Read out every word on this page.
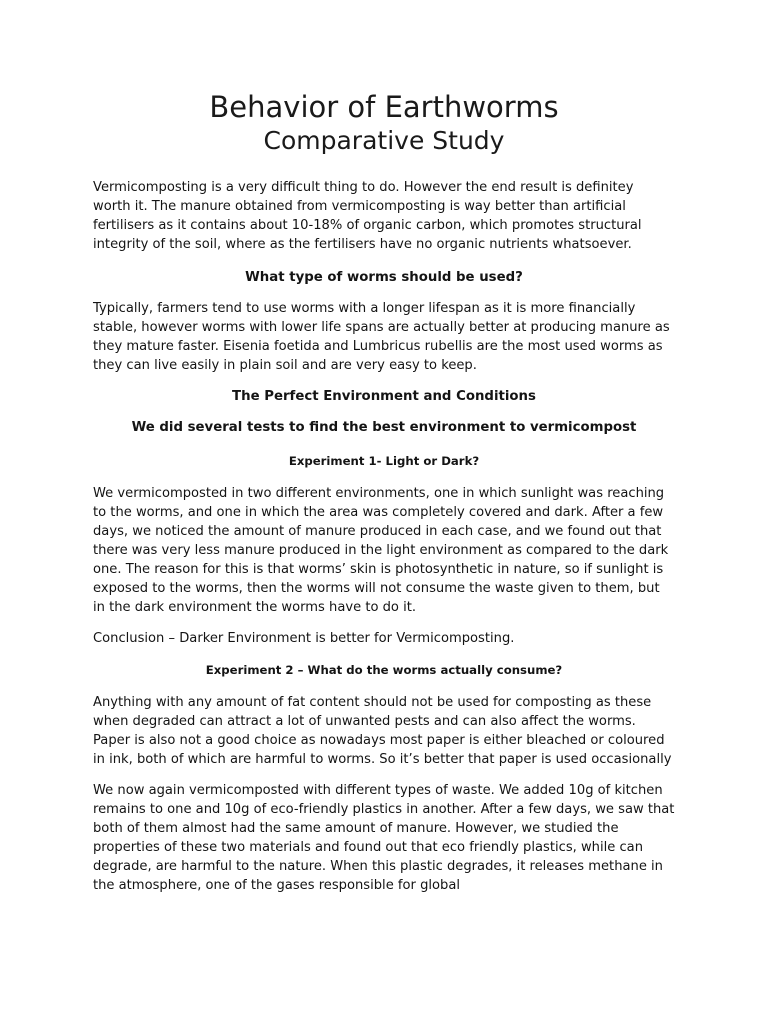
Behavior of Earthworms
Comparative Study

Vermicomposting is a very difficult thing to do. However the end result is definitey worth it. The manure obtained from vermicomposting is way better than artificial fertilisers as it contains about 10-18% of organic carbon, which promotes structural integrity of the soil, where as the fertilisers have no organic nutrients whatsoever.

What type of worms should be used?

Typically, farmers tend to use worms with a longer lifespan as it is more financially stable, however worms with lower life spans are actually better at producing manure as they mature faster. Eisenia foetida and Lumbricus rubellis are the most used worms as they can live easily in plain soil and are very easy to keep.

The Perfect Environment and Conditions
We did several tests to find the best environment to vermicompost
Experiment 1- Light or Dark?

We vermicomposted in two different environments, one in which sunlight was reaching to the worms, and one in which the area was completely covered and dark. After a few days, we noticed the amount of manure produced in each case, and we found out that there was very less manure produced in the light environment as compared to the dark one. The reason for this is that worms’ skin is photosynthetic in nature, so if sunlight is exposed to the worms, then the worms will not consume the waste given to them, but in the dark environment the worms have to do it.

Conclusion – Darker Environment is better for Vermicomposting.

Experiment 2 – What do the worms actually consume?

Anything with any amount of fat content should not be used for composting as these when degraded can attract a lot of unwanted pests and can also affect the worms. Paper is also not a good choice as nowadays most paper is either bleached or coloured in ink, both of which are harmful to worms. So it’s better that paper is used occasionally

We now again vermicomposted with different types of waste. We added 10g of kitchen remains to one and 10g of eco-friendly plastics in another. After a few days, we saw that both of them almost had the same amount of manure. However, we studied the properties of these two materials and found out that eco friendly plastics, while can degrade, are harmful to the nature. When this plastic degrades, it releases methane in the atmosphere, one of the gases responsible for global
